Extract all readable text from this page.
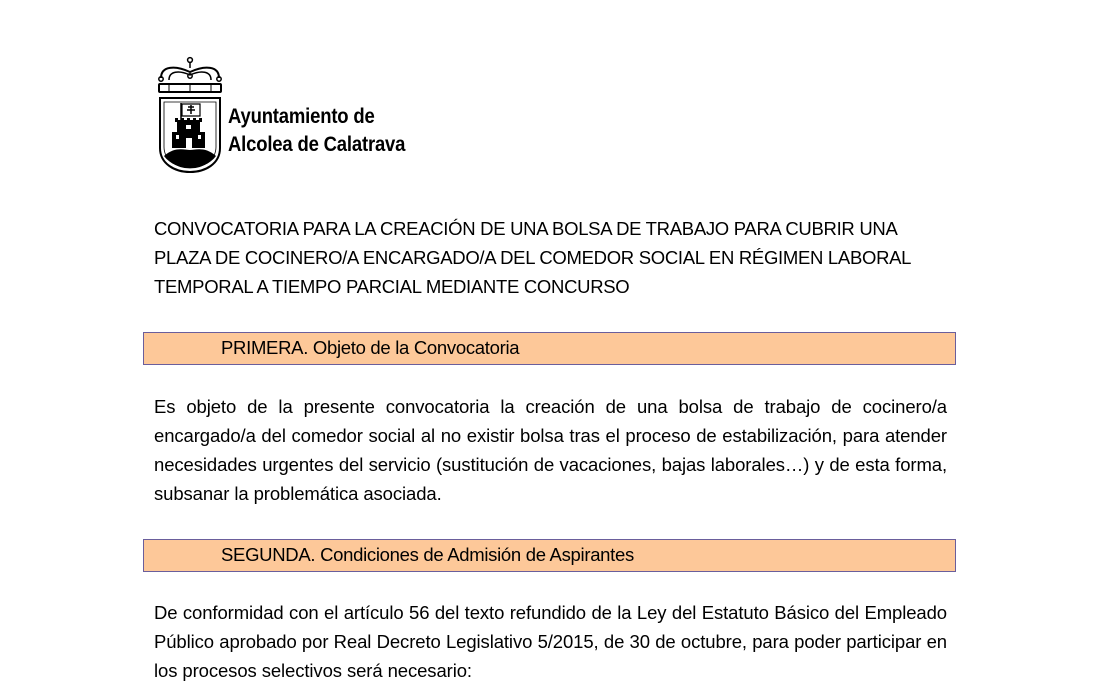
Ayuntamiento de
Alcolea de Calatrava
CONVOCATORIA PARA LA CREACIÓN DE UNA BOLSA DE TRABAJO PARA CUBRIR UNA PLAZA DE COCINERO/A ENCARGADO/A DEL COMEDOR SOCIAL EN RÉGIMEN LABORAL TEMPORAL A TIEMPO PARCIAL MEDIANTE CONCURSO
PRIMERA. Objeto de la Convocatoria
Es objeto de la presente convocatoria la creación de una bolsa de trabajo de cocinero/a encargado/a del comedor social al no existir bolsa tras el proceso de estabilización, para atender necesidades urgentes del servicio (sustitución de vacaciones, bajas laborales…) y de esta forma, subsanar la problemática asociada.
SEGUNDA. Condiciones de Admisión de Aspirantes
De conformidad con el artículo 56 del texto refundido de la Ley del Estatuto Básico del Empleado Público aprobado por Real Decreto Legislativo 5/2015, de 30 de octubre, para poder participar en los procesos selectivos será necesario:
